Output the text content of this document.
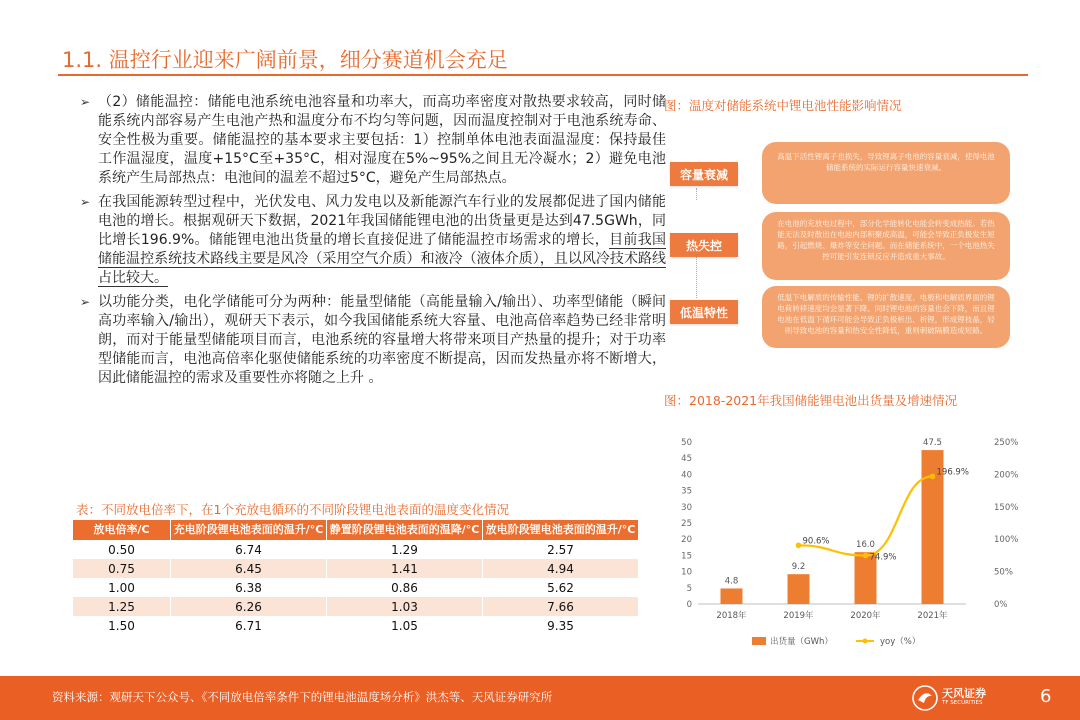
1.1. 温控行业迎来广阔前景，细分赛道机会充足
➢ （2）储能温控：储能电池系统电池容量和功率大，而高功率密度对散热要求较高，同时储能系统内部容易产生电池产热和温度分布不均匀等问题，因而温度控制对于电池系统寿命、安全性极为重要。储能温控的基本要求主要包括：1）控制单体电池表面温湿度：保持最佳工作温湿度，温度+15°C至+35°C，相对湿度在5%~95%之间且无冷凝水；2）避免电池系统产生局部热点：电池间的温差不超过5°C，避免产生局部热点。
➢ 在我国能源转型过程中，光伏发电、风力发电以及新能源汽车行业的发展都促进了国内储能电池的增长。根据观研天下数据，2021年我国储能锂电池的出货量更是达到47.5GWh，同比增长196.9%。储能锂电池出货量的增长直接促进了储能温控市场需求的增长，目前我国储能温控系统技术路线主要是风冷（采用空气介质）和液冷（液体介质），且以风冷技术路线占比较大。
➢ 以功能分类，电化学储能可分为两种：能量型储能（高能量输入/输出）、功率型储能（瞬间高功率输入/输出），观研天下表示，如今我国储能系统大容量、电池高倍率趋势已经非常明朗，而对于能量型储能项目而言，电池系统的容量增大将带来项目产热量的提升；对于功率型储能而言，电池高倍率化驱使储能系统的功率密度不断提高，因而发热量亦将不断增大，因此储能温控的需求及重要性亦将随之上升 。
图：温度对储能系统中锂电池性能影响情况
容量衰减
高温下活性锂离子也损失，导致锂离子电池的容量衰减，使得电池储能系统的实际运行容量快速衰减。
热失控
在电池的充放电过程中，部分化学能转化电能会转变成热能。若热能无法及时散出在电池内部积聚成高温，可能会导致正负极发生短路，引起燃烧、爆炸等安全问题。而在储能系统中，一个电池热失控可能引发连锁反应并造成重大事故。
低温特性
低温下电解质的传输性能、锂的扩散速度、电极和电解质界面的锂电荷转移速度均会显著下降。同时锂电池的容量也会下降，而且锂电池在低温下循环可能会导致正负极析出、析锂，形成锂枝晶，轻则导致电池的容量和热安全性降低，重则刺破隔膜造成短路。
图：2018-2021年我国储能锂电池出货量及增速情况
0
5
10
15
20
25
30
35
40
45
50
0%
50%
100%
150%
200%
250%
2018年	2019年	2020年	2021年
4.8
9.2
16.0
47.5
90.6%
74.9%
196.9%
出货量（GWh）	yoy（%）
表：不同放电倍率下，在1个充放电循环的不同阶段锂电池表面的温度变化情况
放电倍率/C	充电阶段锂电池表面的温升/°C	静置阶段锂电池表面的温降/°C	放电阶段锂电池表面的温升/°C
0.50	6.74	1.29	2.57
0.75	6.45	1.41	4.94
1.00	6.38	0.86	5.62
1.25	6.26	1.03	7.66
1.50	6.71	1.05	9.35
资料来源：观研天下公众号、《不同放电倍率条件下的锂电池温度场分析》洪杰等、天风证券研究所	天风证券
TF SECURITIES	6
